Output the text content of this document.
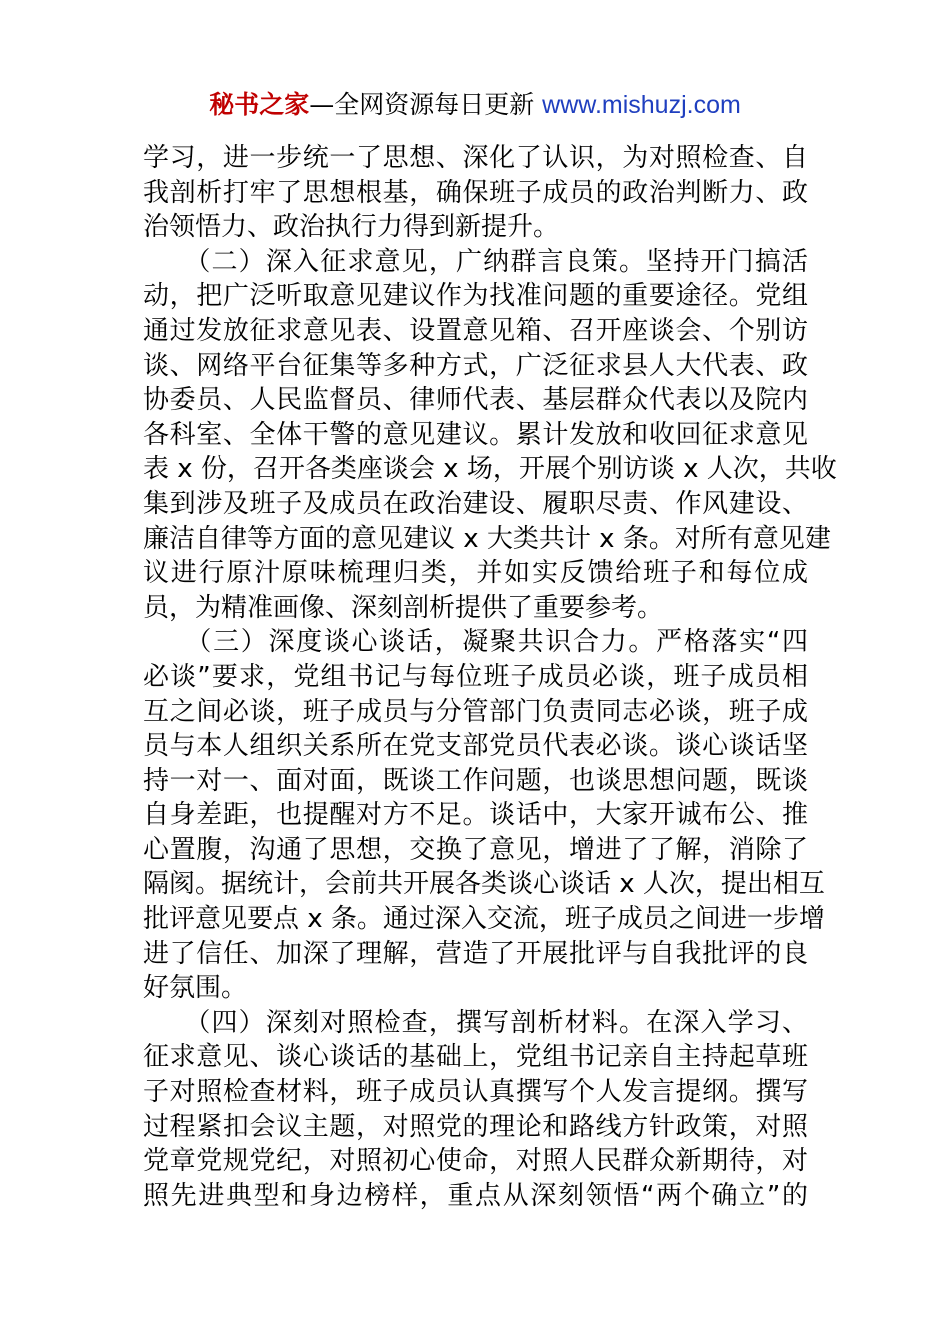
秘书之家—全网资源每日更新 www.mishuzj.com
学习，进一步统一了思想、深化了认识，为对照检查、自
我剖析打牢了思想根基，确保班子成员的政治判断力、政
治领悟力、政治执行力得到新提升。
　　（二）深入征求意见，广纳群言良策。坚持开门搞活
动，把广泛听取意见建议作为找准问题的重要途径。党组
通过发放征求意见表、设置意见箱、召开座谈会、个别访
谈、网络平台征集等多种方式，广泛征求县人大代表、政
协委员、人民监督员、律师代表、基层群众代表以及院内
各科室、全体干警的意见建议。累计发放和收回征求意见
表 x 份，召开各类座谈会 x 场，开展个别访谈 x 人次，共收
集到涉及班子及成员在政治建设、履职尽责、作风建设、
廉洁自律等方面的意见建议 x 大类共计 x 条。对所有意见建
议进行原汁原味梳理归类，并如实反馈给班子和每位成
员，为精准画像、深刻剖析提供了重要参考。
　　（三）深度谈心谈话，凝聚共识合力。严格落实“四
必谈”要求，党组书记与每位班子成员必谈，班子成员相
互之间必谈，班子成员与分管部门负责同志必谈，班子成
员与本人组织关系所在党支部党员代表必谈。谈心谈话坚
持一对一、面对面，既谈工作问题，也谈思想问题，既谈
自身差距，也提醒对方不足。谈话中，大家开诚布公、推
心置腹，沟通了思想，交换了意见，增进了了解，消除了
隔阂。据统计，会前共开展各类谈心谈话 x 人次，提出相互
批评意见要点 x 条。通过深入交流，班子成员之间进一步增
进了信任、加深了理解，营造了开展批评与自我批评的良
好氛围。
　　（四）深刻对照检查，撰写剖析材料。在深入学习、
征求意见、谈心谈话的基础上，党组书记亲自主持起草班
子对照检查材料，班子成员认真撰写个人发言提纲。撰写
过程紧扣会议主题，对照党的理论和路线方针政策，对照
党章党规党纪，对照初心使命，对照人民群众新期待，对
照先进典型和身边榜样，重点从深刻领悟“两个确立”的
